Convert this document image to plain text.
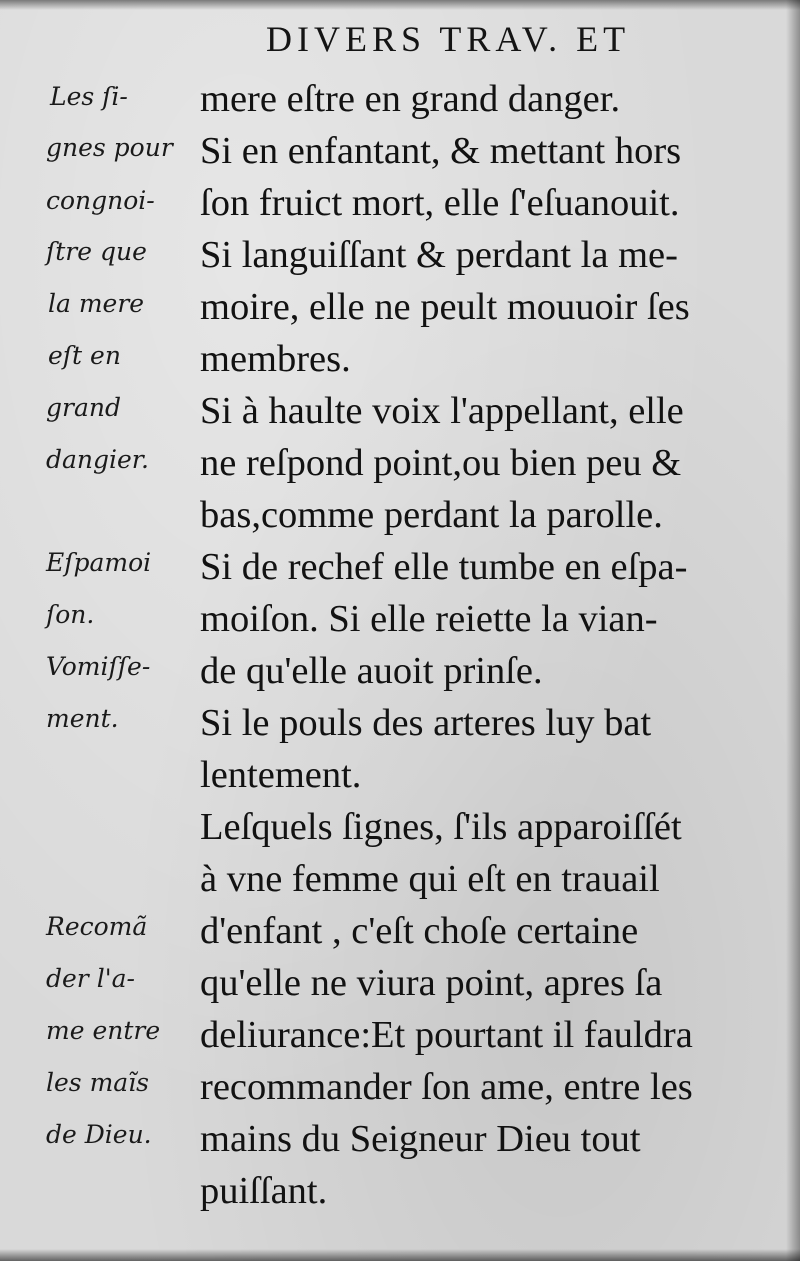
DIVERS TRAV. ET
Les ſi-
gnes pour
congnoi-
ſtre que
la mere
eſt en
grand
dangier.
Eſpamoi
ſon.
Vomiſſe-
ment.
Recomã
der l'a-
me entre
les maĩs
de Dieu.
mere eſtre en grand danger.
Si en enfantant, & mettant hors
ſon fruict mort, elle ſ'eſuanouit.
Si languiſſant & perdant la me-
moire, elle ne peult mouuoir ſes
membres.
Si à haulte voix l'appellant, elle
ne reſpond point,ou bien peu &
bas,comme perdant la parolle.
Si de rechef elle tumbe en eſpa-
moiſon. Si elle reiette la vian-
de qu'elle auoit prinſe.
Si le pouls des arteres luy bat
lentement.
Leſquels ſignes, ſ'ils apparoiſſét
à vne femme qui eſt en trauail
d'enfant , c'eſt choſe certaine
qu'elle ne viura point, apres ſa
deliurance:Et pourtant il fauldra
recommander ſon ame, entre les
mains du Seigneur Dieu tout
puiſſant.
